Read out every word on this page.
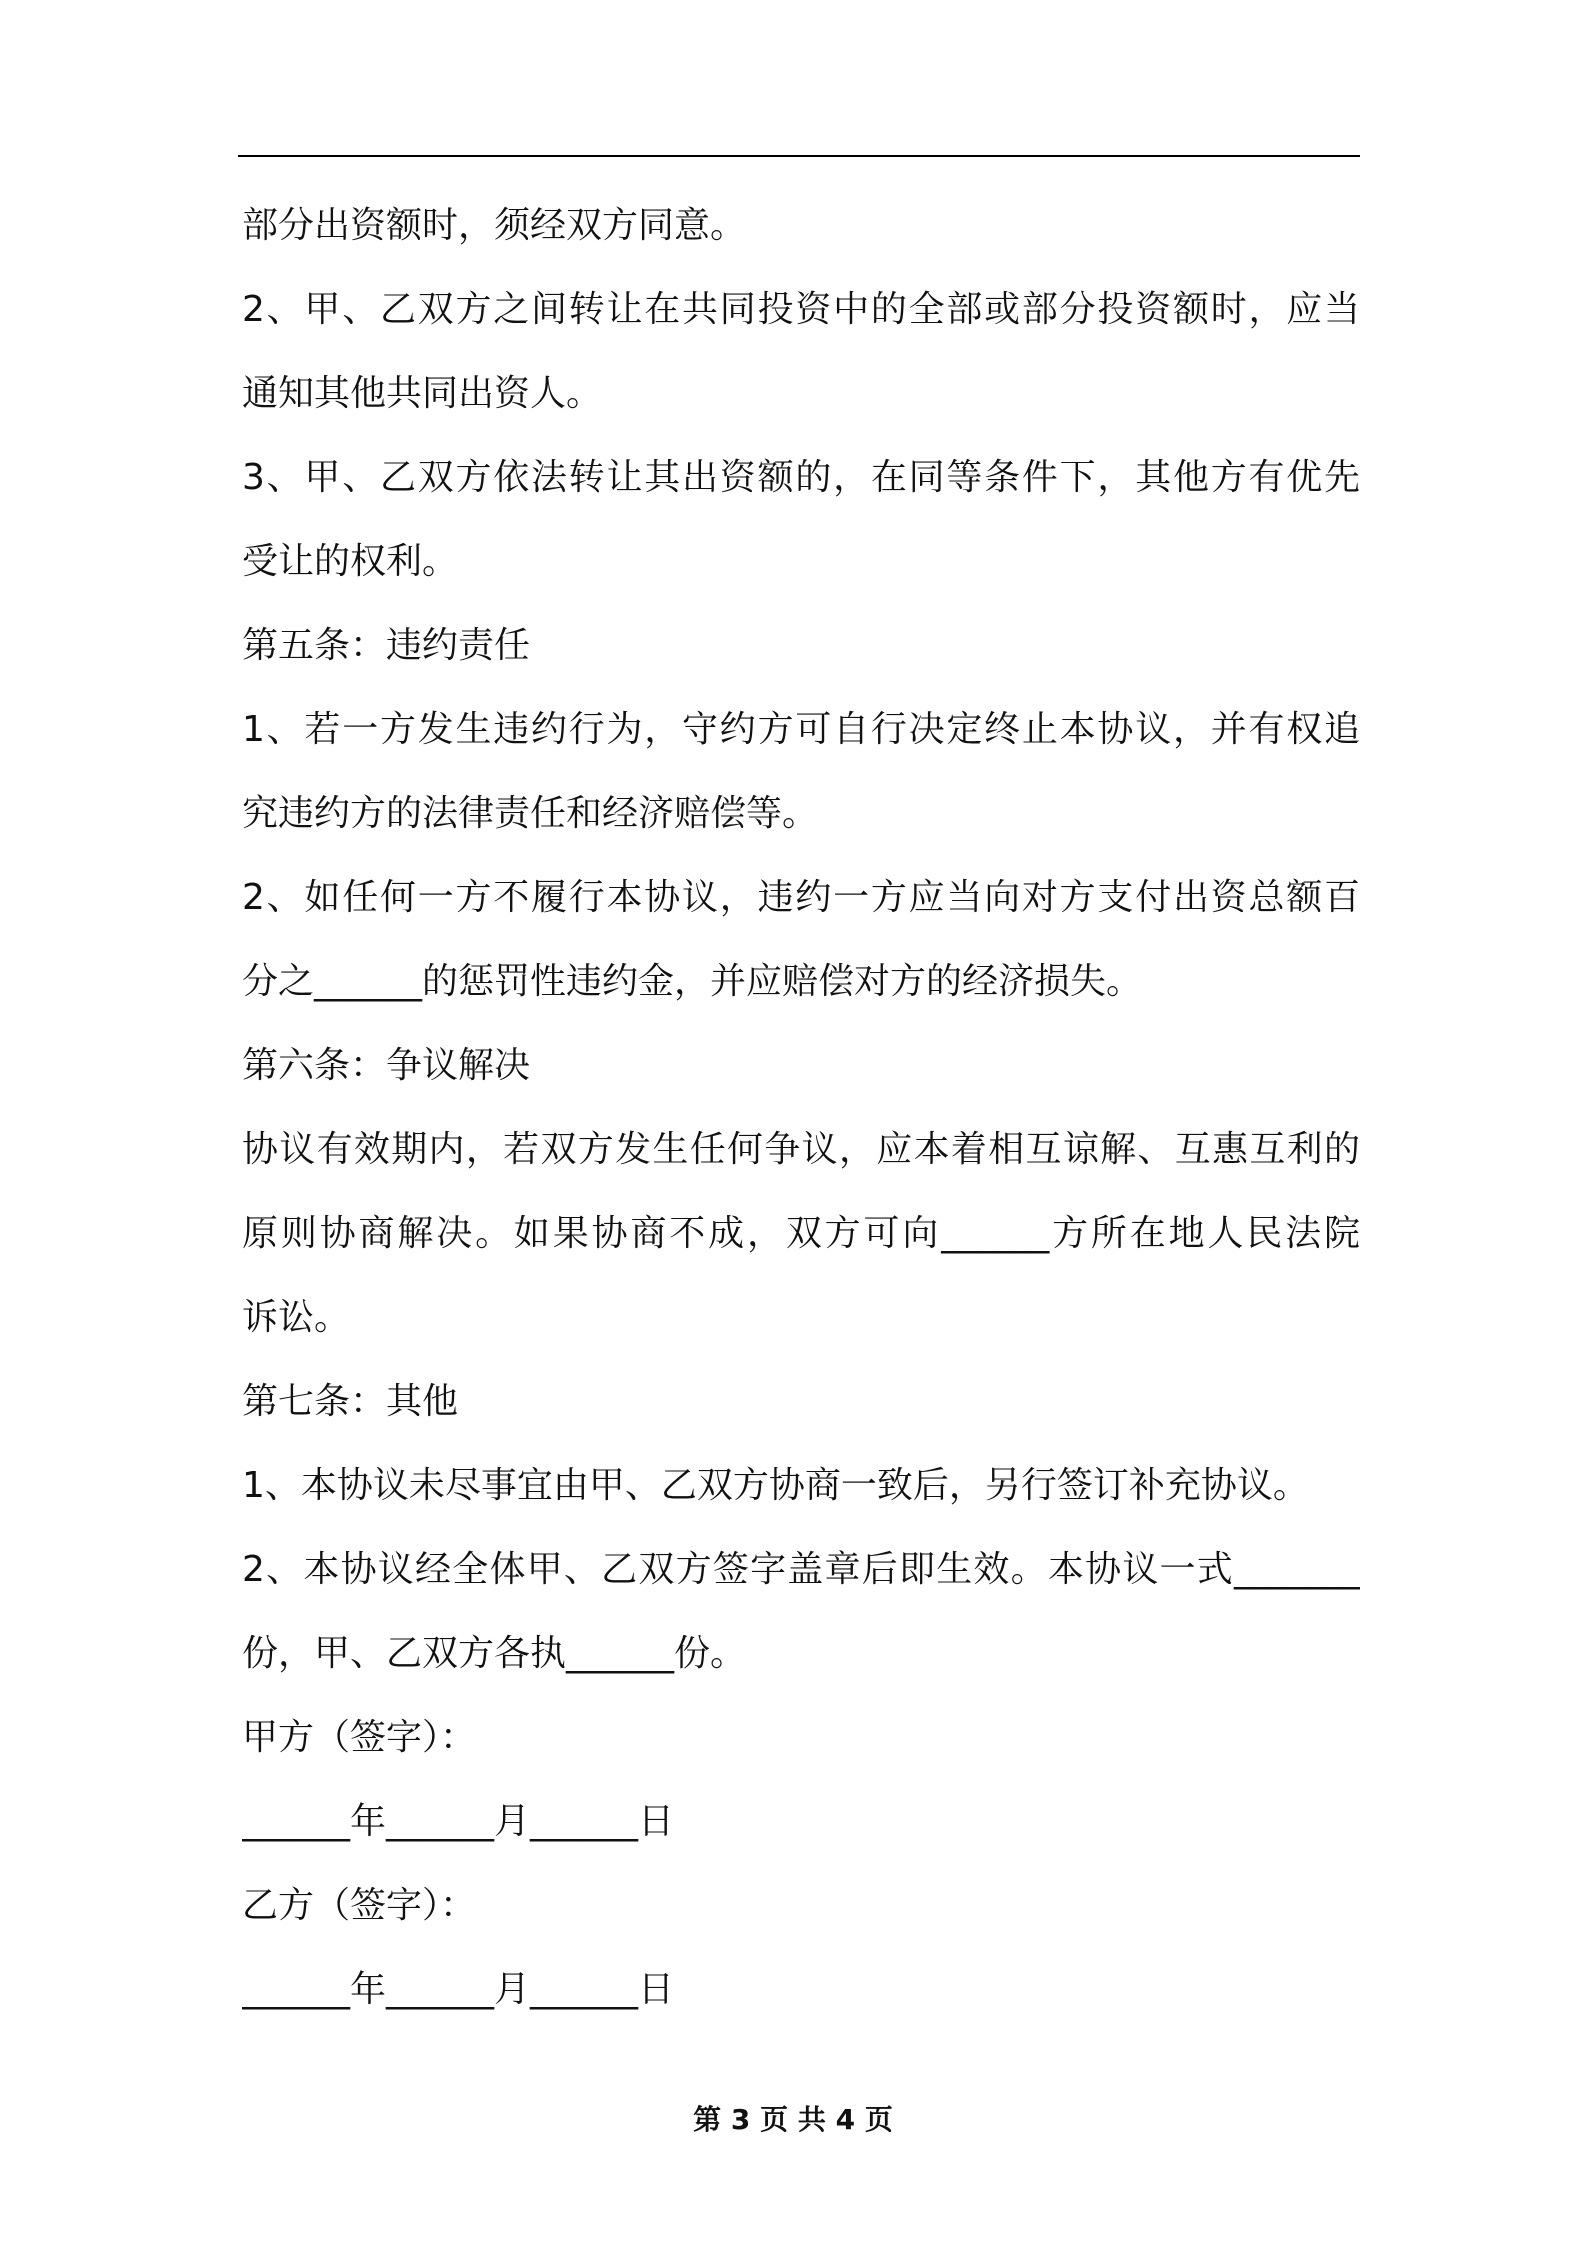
部分出资额时，须经双方同意。
2、甲、乙双方之间转让在共同投资中的全部或部分投资额时，应当
通知其他共同出资人。
3、甲、乙双方依法转让其出资额的，在同等条件下，其他方有优先
受让的权利。
第五条：违约责任
1、若一方发生违约行为，守约方可自行决定终止本协议，并有权追
究违约方的法律责任和经济赔偿等。
2、如任何一方不履行本协议，违约一方应当向对方支付出资总额百
分之______的惩罚性违约金，并应赔偿对方的经济损失。
第六条：争议解决
协议有效期内，若双方发生任何争议，应本着相互谅解、互惠互利的
原则协商解决。如果协商不成，双方可向______方所在地人民法院
诉讼。
第七条：其他
1、本协议未尽事宜由甲、乙双方协商一致后，另行签订补充协议。
2、本协议经全体甲、乙双方签字盖章后即生效。本协议一式_______
份，甲、乙双方各执______份。
甲方（签字）：
______年______月______日
乙方（签字）：
______年______月______日
第 3 页 共 4 页
